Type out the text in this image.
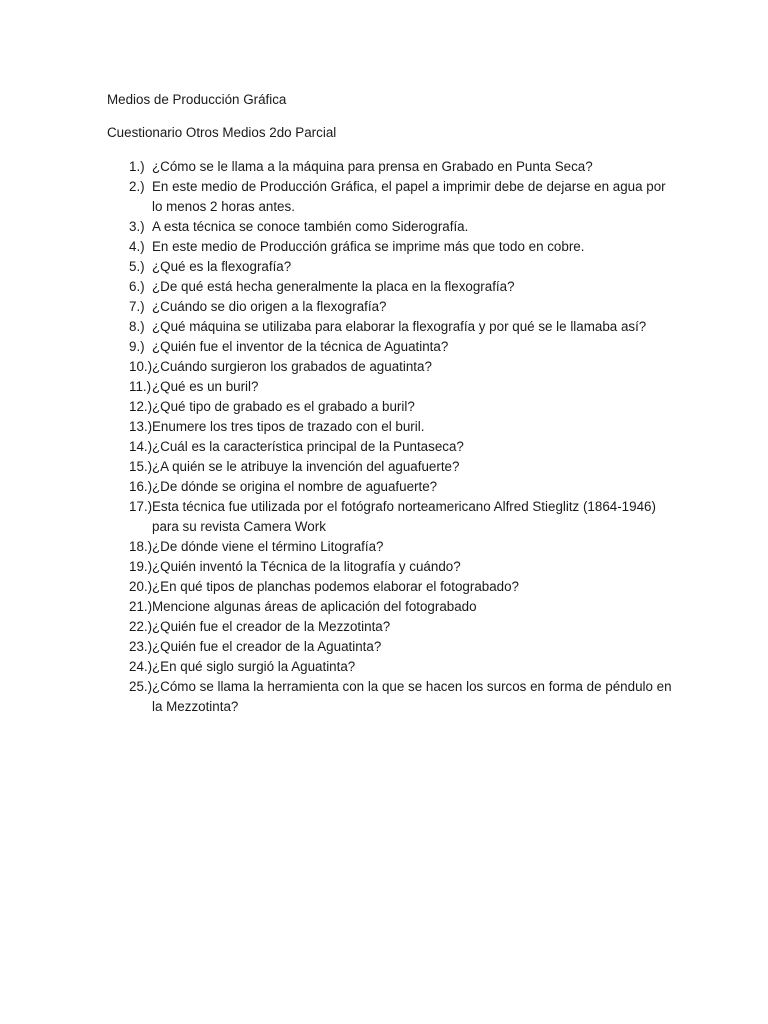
Medios de Producción Gráfica
Cuestionario Otros Medios 2do Parcial
1.) ¿Cómo se le llama a la máquina para prensa en Grabado en Punta Seca?
2.) En este medio de Producción Gráfica, el papel a imprimir debe de dejarse en agua por lo menos 2 horas antes.
3.) A esta técnica se conoce también como Siderografía.
4.) En este medio de Producción gráfica se imprime más que todo en cobre.
5.) ¿Qué es la flexografía?
6.) ¿De qué está hecha generalmente la placa en la flexografía?
7.) ¿Cuándo se dio origen a la flexografía?
8.) ¿Qué máquina se utilizaba para elaborar la flexografía y por qué se le llamaba así?
9.) ¿Quién fue el inventor de la técnica de Aguatinta?
10.) ¿Cuándo surgieron los grabados de aguatinta?
11.) ¿Qué es un buril?
12.) ¿Qué tipo de grabado es el grabado a buril?
13.) Enumere los tres tipos de trazado con el buril.
14.) ¿Cuál es la característica principal de la Puntaseca?
15.) ¿A quién se le atribuye la invención del aguafuerte?
16.) ¿De dónde se origina el nombre de aguafuerte?
17.) Esta técnica fue utilizada por el fotógrafo norteamericano Alfred Stieglitz (1864-1946) para su revista Camera Work
18.) ¿De dónde viene el término Litografía?
19.) ¿Quién inventó la Técnica de la litografía y cuándo?
20.) ¿En qué tipos de planchas podemos elaborar el fotograbado?
21.) Mencione algunas áreas de aplicación del fotograbado
22.) ¿Quién fue el creador de la Mezzotinta?
23.) ¿Quién fue el creador de la Aguatinta?
24.) ¿En qué siglo surgió la Aguatinta?
25.) ¿Cómo se llama la herramienta con la que se hacen los surcos en forma de péndulo en la Mezzotinta?
